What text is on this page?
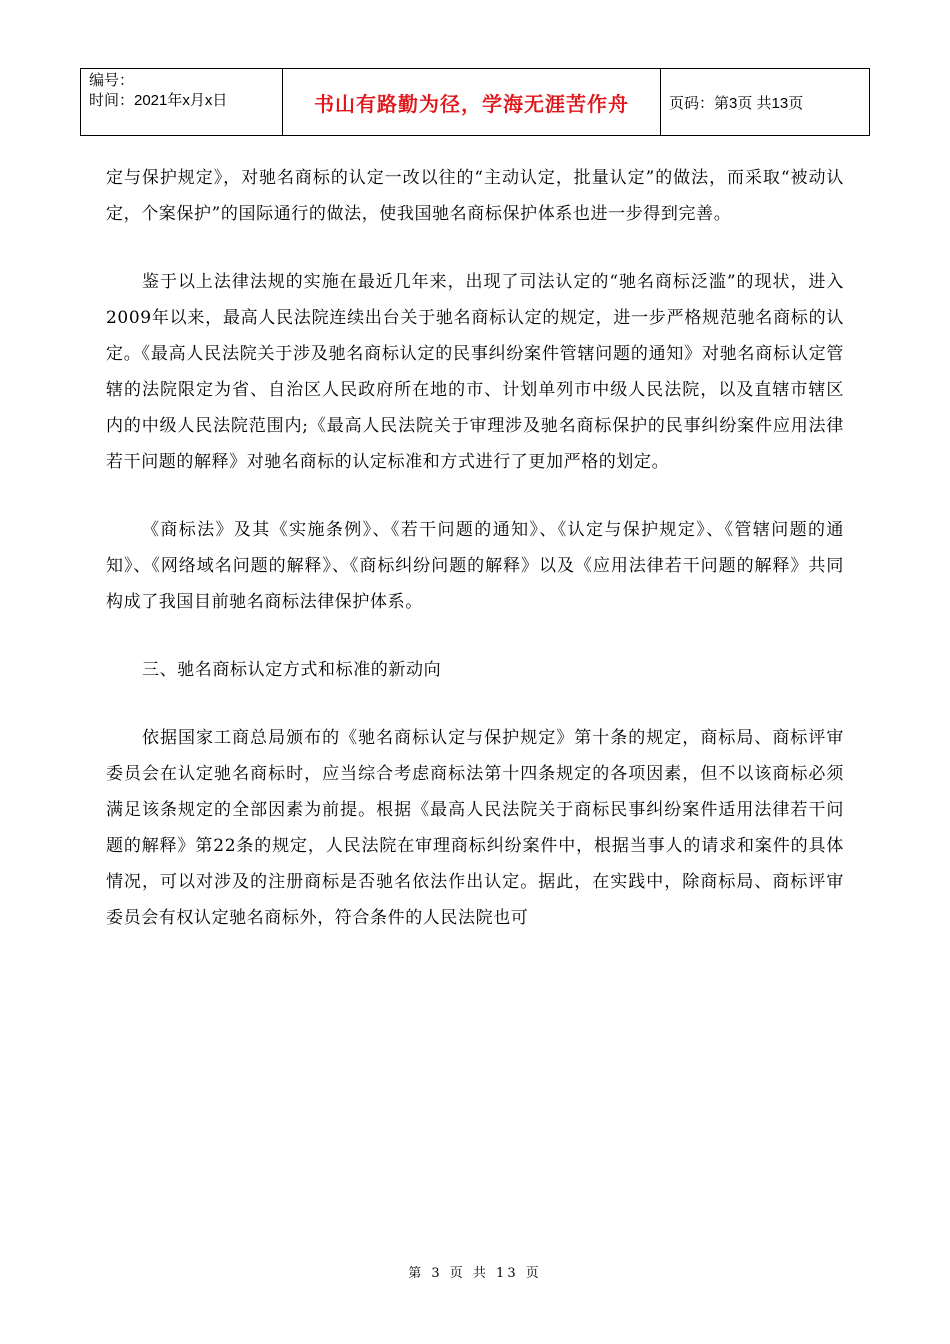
编号：
时间：2021年x月x日	书山有路勤为径，学海无涯苦作舟	页码：第3页 共13页

定与保护规定》，对驰名商标的认定一改以往的“主动认定，批量认定”的做法，而采取“被动认定，个案保护”的国际通行的做法，使我国驰名商标保护体系也进一步得到完善。

鉴于以上法律法规的实施在最近几年来，出现了司法认定的“驰名商标泛滥”的现状，进入2009年以来，最高人民法院连续出台关于驰名商标认定的规定，进一步严格规范驰名商标的认定。《最高人民法院关于涉及驰名商标认定的民事纠纷案件管辖问题的通知》对驰名商标认定管辖的法院限定为省、自治区人民政府所在地的市、计划单列市中级人民法院，以及直辖市辖区内的中级人民法院范围内;《最高人民法院关于审理涉及驰名商标保护的民事纠纷案件应用法律若干问题的解释》对驰名商标的认定标准和方式进行了更加严格的划定。

《商标法》及其《实施条例》、《若干问题的通知》、《认定与保护规定》、《管辖问题的通知》、《网络域名问题的解释》、《商标纠纷问题的解释》以及《应用法律若干问题的解释》共同构成了我国目前驰名商标法律保护体系。

三、驰名商标认定方式和标准的新动向

依据国家工商总局颁布的《驰名商标认定与保护规定》第十条的规定，商标局、商标评审委员会在认定驰名商标时，应当综合考虑商标法第十四条规定的各项因素，但不以该商标必须满足该条规定的全部因素为前提。根据《最高人民法院关于商标民事纠纷案件适用法律若干问题的解释》第22条的规定，人民法院在审理商标纠纷案件中，根据当事人的请求和案件的具体情况，可以对涉及的注册商标是否驰名依法作出认定。据此，在实践中，除商标局、商标评审委员会有权认定驰名商标外，符合条件的人民法院也可

第 3 页 共 13 页
